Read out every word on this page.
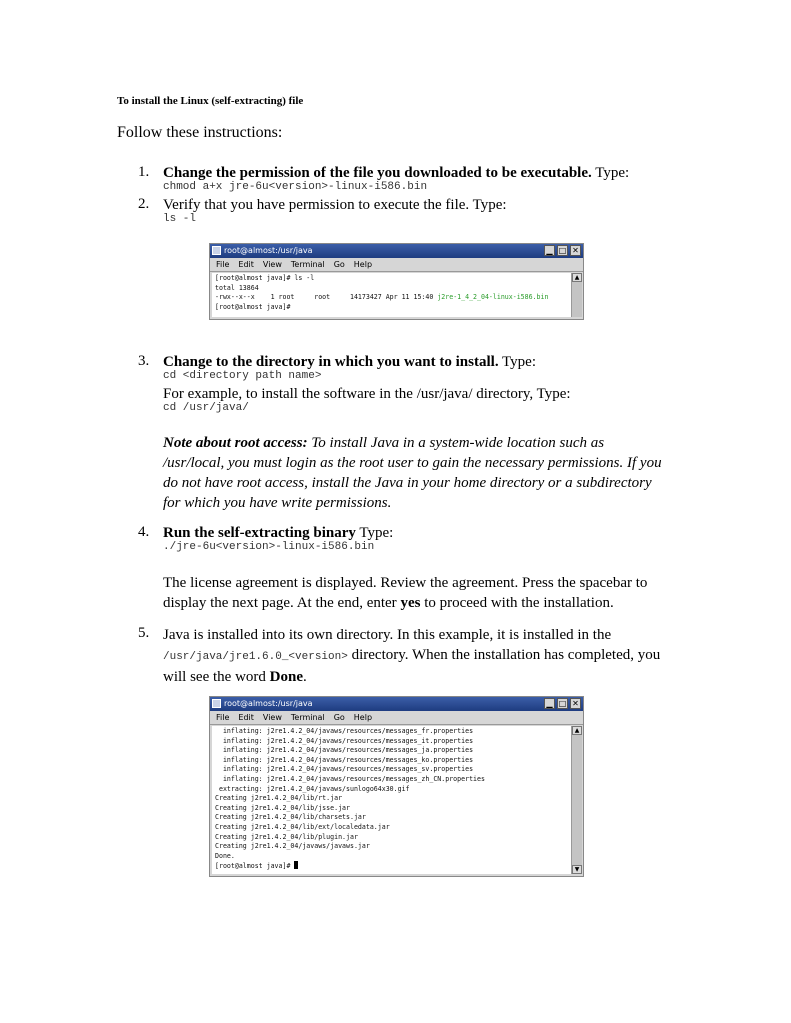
To install the Linux (self-extracting) file
Follow these instructions:
1. Change the permission of the file you downloaded to be executable. Type:
chmod a+x jre-6u<version>-linux-i586.bin
2. Verify that you have permission to execute the file. Type:
ls -l
root@almost:/usr/java	▁ □ ✕
File Edit View Terminal Go Help
[root@almost java]# ls -l
total 13864
-rwx--x--x    1 root     root     14173427 Apr 11 15:40 j2re-1_4_2_04-linux-i586.bin
[root@almost java]#
▲
3. Change to the directory in which you want to install. Type:
cd <directory path name>
For example, to install the software in the /usr/java/ directory, Type:
cd /usr/java/
Note about root access: To install Java in a system-wide location such as /usr/local, you must login as the root user to gain the necessary permissions. If you do not have root access, install the Java in your home directory or a subdirectory for which you have write permissions.
4. Run the self-extracting binary Type:
./jre-6u<version>-linux-i586.bin
The license agreement is displayed. Review the agreement. Press the spacebar to display the next page. At the end, enter yes to proceed with the installation.
5. Java is installed into its own directory. In this example, it is installed in the
/usr/java/jre1.6.0_<version> directory. When the installation has completed, you will see the word Done.
root@almost:/usr/java	▁ □ ✕
File Edit View Terminal Go Help
inflating: j2re1.4.2_04/javaws/resources/messages_fr.properties
inflating: j2re1.4.2_04/javaws/resources/messages_it.properties
inflating: j2re1.4.2_04/javaws/resources/messages_ja.properties
inflating: j2re1.4.2_04/javaws/resources/messages_ko.properties
inflating: j2re1.4.2_04/javaws/resources/messages_sv.properties
inflating: j2re1.4.2_04/javaws/resources/messages_zh_CN.properties
extracting: j2re1.4.2_04/javaws/sunlogo64x30.gif
Creating j2re1.4.2_04/lib/rt.jar
Creating j2re1.4.2_04/lib/jsse.jar
Creating j2re1.4.2_04/lib/charsets.jar
Creating j2re1.4.2_04/lib/ext/localedata.jar
Creating j2re1.4.2_04/lib/plugin.jar
Creating j2re1.4.2_04/javaws/javaws.jar
Done.
[root@almost java]#
▲
▼
